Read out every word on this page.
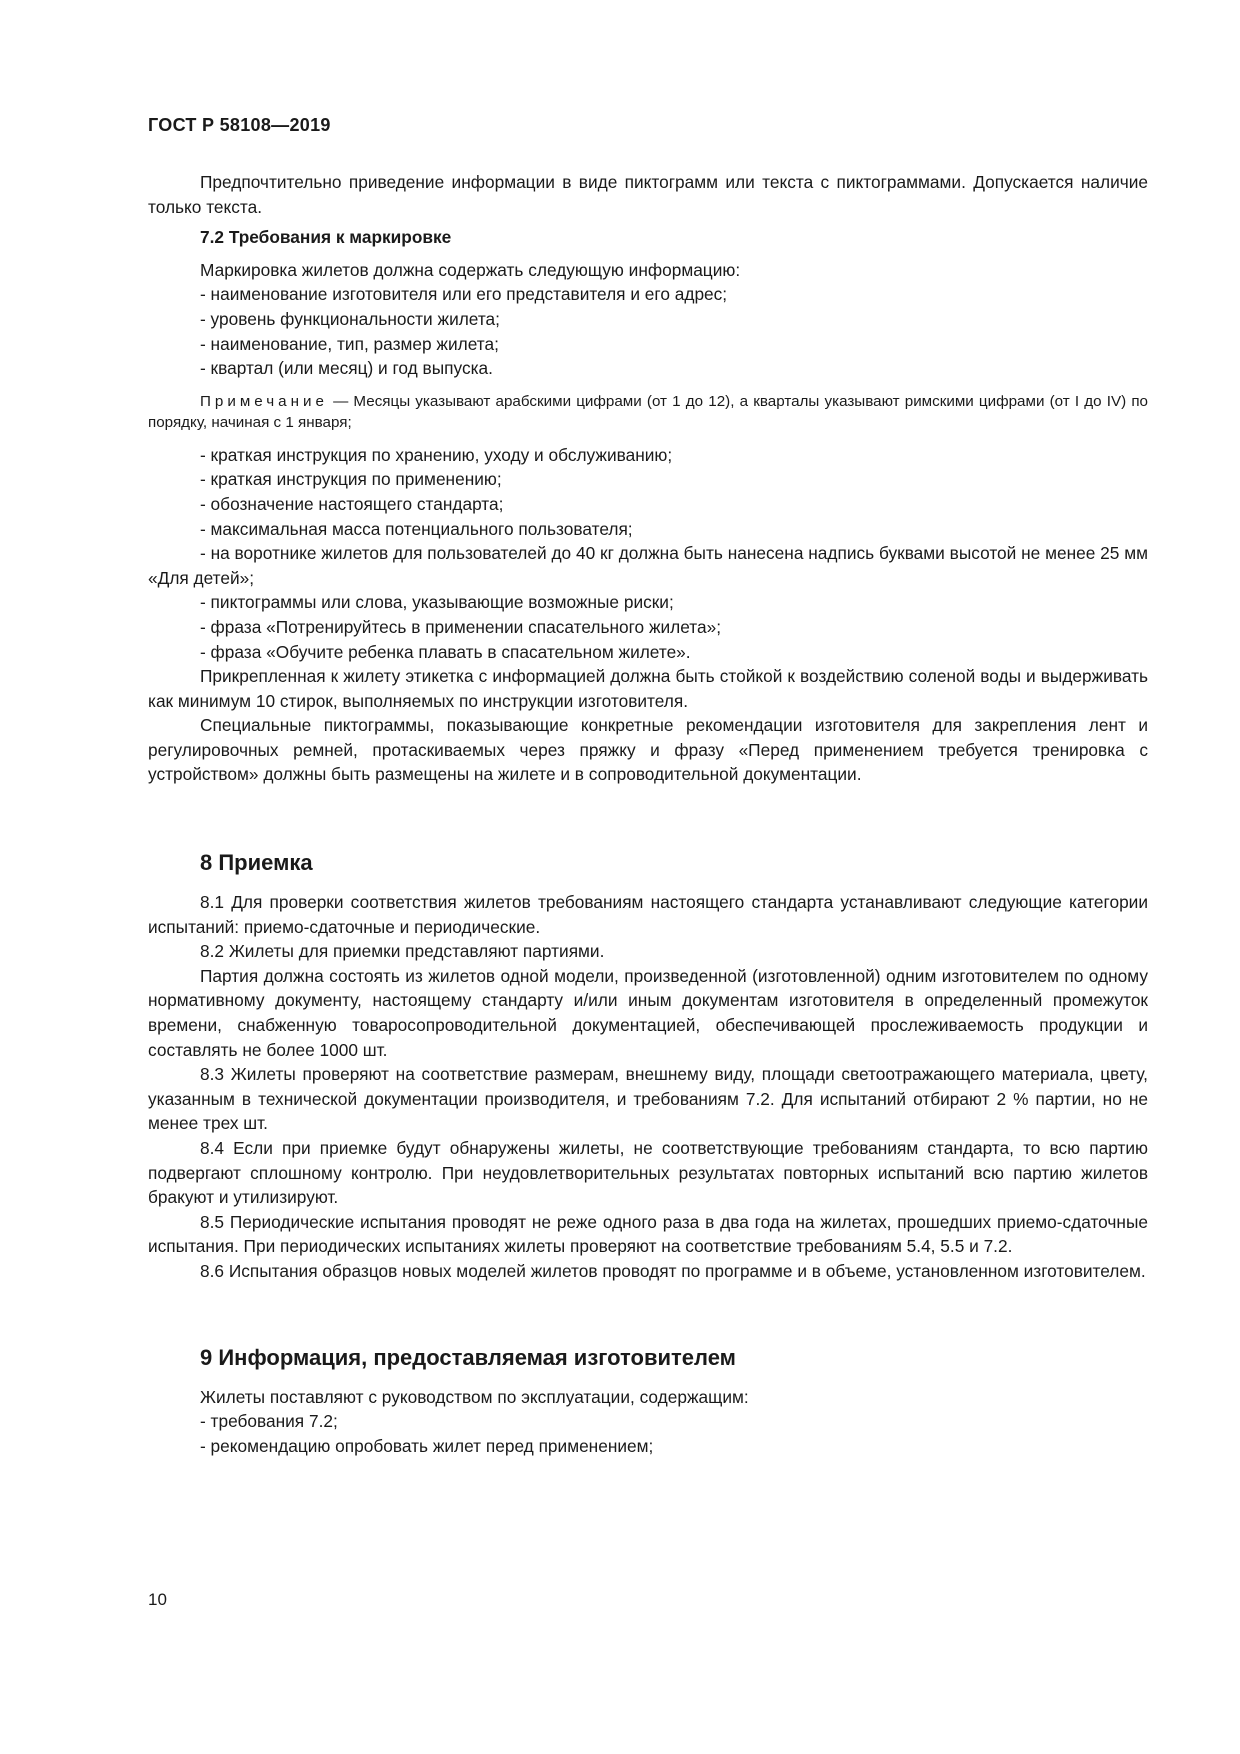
ГОСТ Р 58108—2019

Предпочтительно приведение информации в виде пиктограмм или текста с пиктограммами. Допускается наличие только текста.

7.2 Требования к маркировке

Маркировка жилетов должна содержать следующую информацию:

- наименование изготовителя или его представителя и его адрес;

- уровень функциональности жилета;

- наименование, тип, размер жилета;

- квартал (или месяц) и год выпуска.

Примечание — Месяцы указывают арабскими цифрами (от 1 до 12), а кварталы указывают римскими цифрами (от I до IV) по порядку, начиная с 1 января;

- краткая инструкция по хранению, уходу и обслуживанию;

- краткая инструкция по применению;

- обозначение настоящего стандарта;

- максимальная масса потенциального пользователя;

- на воротнике жилетов для пользователей до 40 кг должна быть нанесена надпись буквами высотой не менее 25 мм «Для детей»;

- пиктограммы или слова, указывающие возможные риски;

- фраза «Потренируйтесь в применении спасательного жилета»;

- фраза «Обучите ребенка плавать в спасательном жилете».

Прикрепленная к жилету этикетка с информацией должна быть стойкой к воздействию соленой воды и выдерживать как минимум 10 стирок, выполняемых по инструкции изготовителя.

Специальные пиктограммы, показывающие конкретные рекомендации изготовителя для закрепления лент и регулировочных ремней, протаскиваемых через пряжку и фразу «Перед применением требуется тренировка с устройством» должны быть размещены на жилете и в сопроводительной документации.

8 Приемка

8.1 Для проверки соответствия жилетов требованиям настоящего стандарта устанавливают следующие категории испытаний: приемо-сдаточные и периодические.

8.2 Жилеты для приемки представляют партиями.

Партия должна состоять из жилетов одной модели, произведенной (изготовленной) одним изготовителем по одному нормативному документу, настоящему стандарту и/или иным документам изготовителя в определенный промежуток времени, снабженную товаросопроводительной документацией, обеспечивающей прослеживаемость продукции и составлять не более 1000 шт.

8.3 Жилеты проверяют на соответствие размерам, внешнему виду, площади светоотражающего материала, цвету, указанным в технической документации производителя, и требованиям 7.2. Для испытаний отбирают 2 % партии, но не менее трех шт.

8.4 Если при приемке будут обнаружены жилеты, не соответствующие требованиям стандарта, то всю партию подвергают сплошному контролю. При неудовлетворительных результатах повторных испытаний всю партию жилетов бракуют и утилизируют.

8.5 Периодические испытания проводят не реже одного раза в два года на жилетах, прошедших приемо-сдаточные испытания. При периодических испытаниях жилеты проверяют на соответствие требованиям 5.4, 5.5 и 7.2.

8.6 Испытания образцов новых моделей жилетов проводят по программе и в объеме, установленном изготовителем.

9 Информация, предоставляемая изготовителем

Жилеты поставляют с руководством по эксплуатации, содержащим:

- требования 7.2;

- рекомендацию опробовать жилет перед применением;

10
